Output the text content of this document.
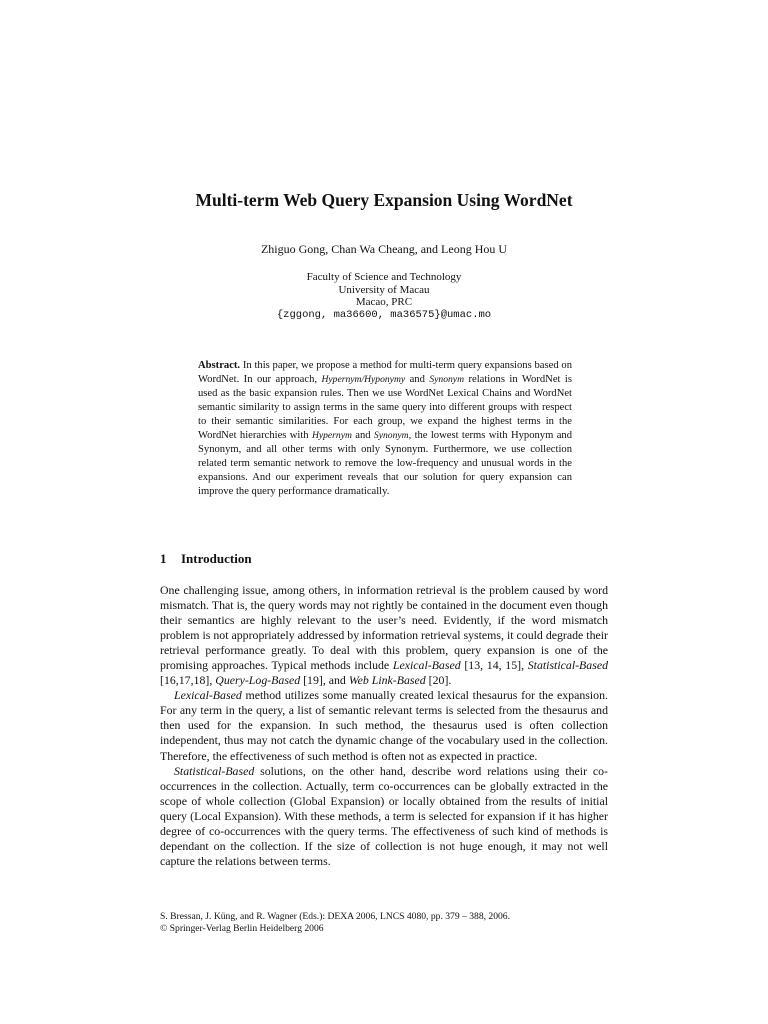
Multi-term Web Query Expansion Using WordNet
Zhiguo Gong, Chan Wa Cheang, and Leong Hou U
Faculty of Science and Technology
University of Macau
Macao, PRC
{zggong, ma36600, ma36575}@umac.mo
Abstract. In this paper, we propose a method for multi-term query expansions based on WordNet. In our approach, Hypernym/Hyponymy and Synonym relations in WordNet is used as the basic expansion rules. Then we use WordNet Lexical Chains and WordNet semantic similarity to assign terms in the same query into different groups with respect to their semantic similarities. For each group, we expand the highest terms in the WordNet hierarchies with Hypernym and Synonym, the lowest terms with Hyponym and Synonym, and all other terms with only Synonym. Furthermore, we use collection related term semantic network to remove the low-frequency and unusual words in the expansions. And our experiment reveals that our solution for query expansion can improve the query performance dramatically.
1 Introduction

One challenging issue, among others, in information retrieval is the problem caused by word mismatch. That is, the query words may not rightly be contained in the document even though their semantics are highly relevant to the user’s need. Evidently, if the word mismatch problem is not appropriately addressed by information retrieval systems, it could degrade their retrieval performance greatly. To deal with this problem, query expansion is one of the promising approaches. Typical methods include Lexical-Based [13, 14, 15], Statistical-Based [16,17,18], Query-Log-Based [19], and Web Link-Based [20].

Lexical-Based method utilizes some manually created lexical thesaurus for the expansion. For any term in the query, a list of semantic relevant terms is selected from the thesaurus and then used for the expansion. In such method, the thesaurus used is often collection independent, thus may not catch the dynamic change of the vocabulary used in the collection. Therefore, the effectiveness of such method is often not as expected in practice.

Statistical-Based solutions, on the other hand, describe word relations using their co-occurrences in the collection. Actually, term co-occurrences can be globally extracted in the scope of whole collection (Global Expansion) or locally obtained from the results of initial query (Local Expansion). With these methods, a term is selected for expansion if it has higher degree of co-occurrences with the query terms. The effectiveness of such kind of methods is dependant on the collection. If the size of collection is not huge enough, it may not well capture the relations between terms.

S. Bressan, J. Küng, and R. Wagner (Eds.): DEXA 2006, LNCS 4080, pp. 379 – 388, 2006.
© Springer-Verlag Berlin Heidelberg 2006
